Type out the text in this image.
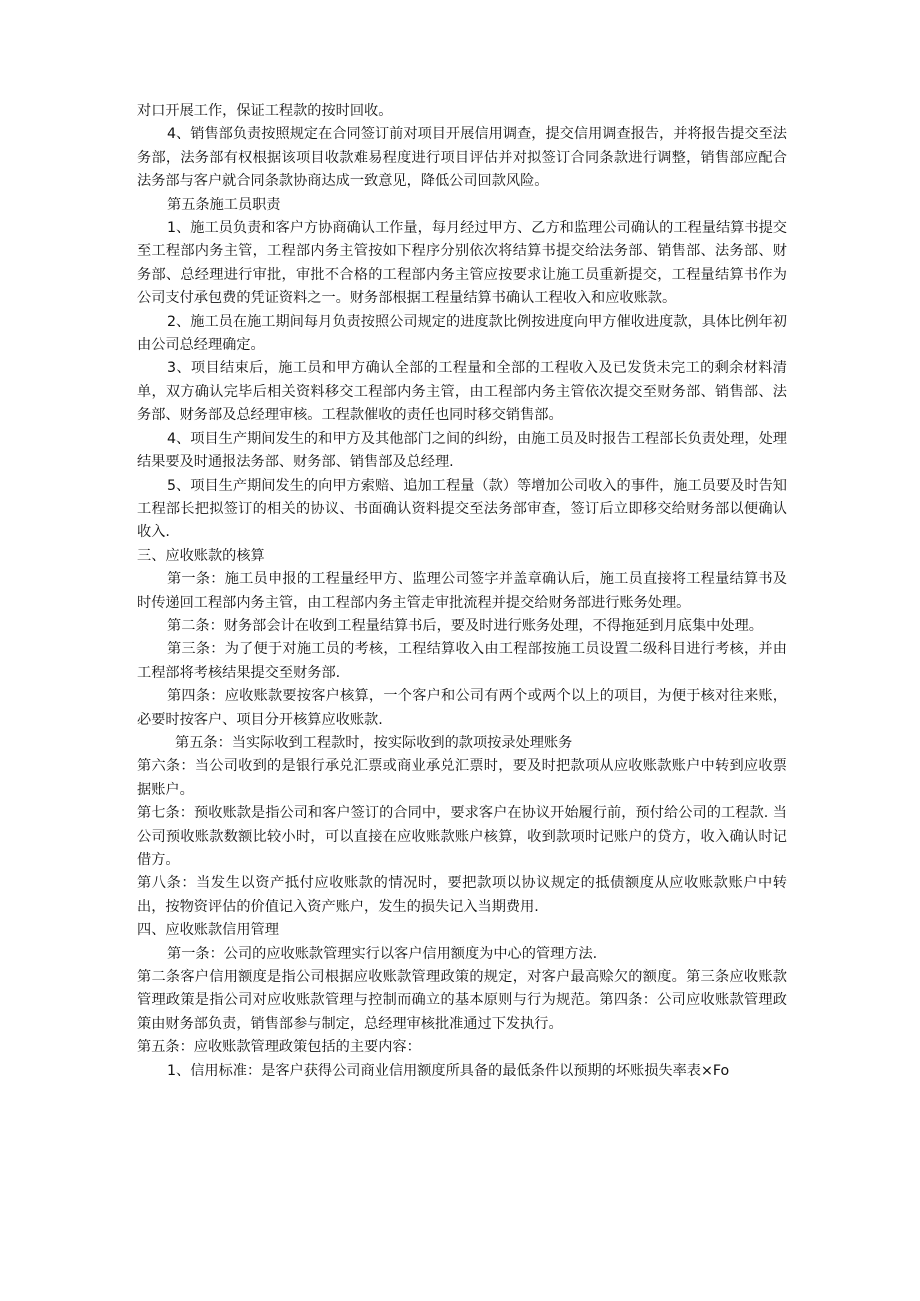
对口开展工作，保证工程款的按时回收。

4、销售部负责按照规定在合同签订前对项目开展信用调查，提交信用调查报告，并将报告提交至法务部，法务部有权根据该项目收款难易程度进行项目评估并对拟签订合同条款进行调整，销售部应配合法务部与客户就合同条款协商达成一致意见，降低公司回款风险。

第五条施工员职责

1、施工员负责和客户方协商确认工作量，每月经过甲方、乙方和监理公司确认的工程量结算书提交至工程部内务主管，工程部内务主管按如下程序分别依次将结算书提交给法务部、销售部、法务部、财务部、总经理进行审批，审批不合格的工程部内务主管应按要求让施工员重新提交，工程量结算书作为公司支付承包费的凭证资料之一。财务部根据工程量结算书确认工程收入和应收账款。

2、施工员在施工期间每月负责按照公司规定的进度款比例按进度向甲方催收进度款，具体比例年初由公司总经理确定。

3、项目结束后，施工员和甲方确认全部的工程量和全部的工程收入及已发货未完工的剩余材料清单，双方确认完毕后相关资料移交工程部内务主管，由工程部内务主管依次提交至财务部、销售部、法务部、财务部及总经理审核。工程款催收的责任也同时移交销售部。

4、项目生产期间发生的和甲方及其他部门之间的纠纷，由施工员及时报告工程部长负责处理，处理结果要及时通报法务部、财务部、销售部及总经理.

5、项目生产期间发生的向甲方索赔、追加工程量（款）等增加公司收入的事件，施工员要及时告知工程部长把拟签订的相关的协议、书面确认资料提交至法务部审查，签订后立即移交给财务部以便确认收入.

三、应收账款的核算

第一条：施工员申报的工程量经甲方、监理公司签字并盖章确认后，施工员直接将工程量结算书及时传递回工程部内务主管，由工程部内务主管走审批流程并提交给财务部进行账务处理。

第二条：财务部会计在收到工程量结算书后，要及时进行账务处理，不得拖延到月底集中处理。

第三条：为了便于对施工员的考核，工程结算收入由工程部按施工员设置二级科目进行考核，并由工程部将考核结果提交至财务部.

第四条：应收账款要按客户核算，一个客户和公司有两个或两个以上的项目，为便于核对往来账，必要时按客户、项目分开核算应收账款.

第五条：当实际收到工程款时，按实际收到的款项按录处理账务

第六条：当公司收到的是银行承兑汇票或商业承兑汇票时，要及时把款项从应收账款账户中转到应收票据账户。

第七条：预收账款是指公司和客户签订的合同中，要求客户在协议开始履行前，预付给公司的工程款. 当公司预收账款数额比较小时，可以直接在应收账款账户核算，收到款项时记账户的贷方，收入确认时记借方。

第八条：当发生以资产抵付应收账款的情况时，要把款项以协议规定的抵债额度从应收账款账户中转出，按物资评估的价值记入资产账户，发生的损失记入当期费用.

四、应收账款信用管理

第一条：公司的应收账款管理实行以客户信用额度为中心的管理方法.

第二条客户信用额度是指公司根据应收账款管理政策的规定，对客户最高赊欠的额度。第三条应收账款管理政策是指公司对应收账款管理与控制而确立的基本原则与行为规范。第四条：公司应收账款管理政策由财务部负责，销售部参与制定，总经理审核批准通过下发执行。

第五条：应收账款管理政策包括的主要内容：

1、信用标准：是客户获得公司商业信用额度所具备的最低条件以预期的坏账损失率表×Fo
